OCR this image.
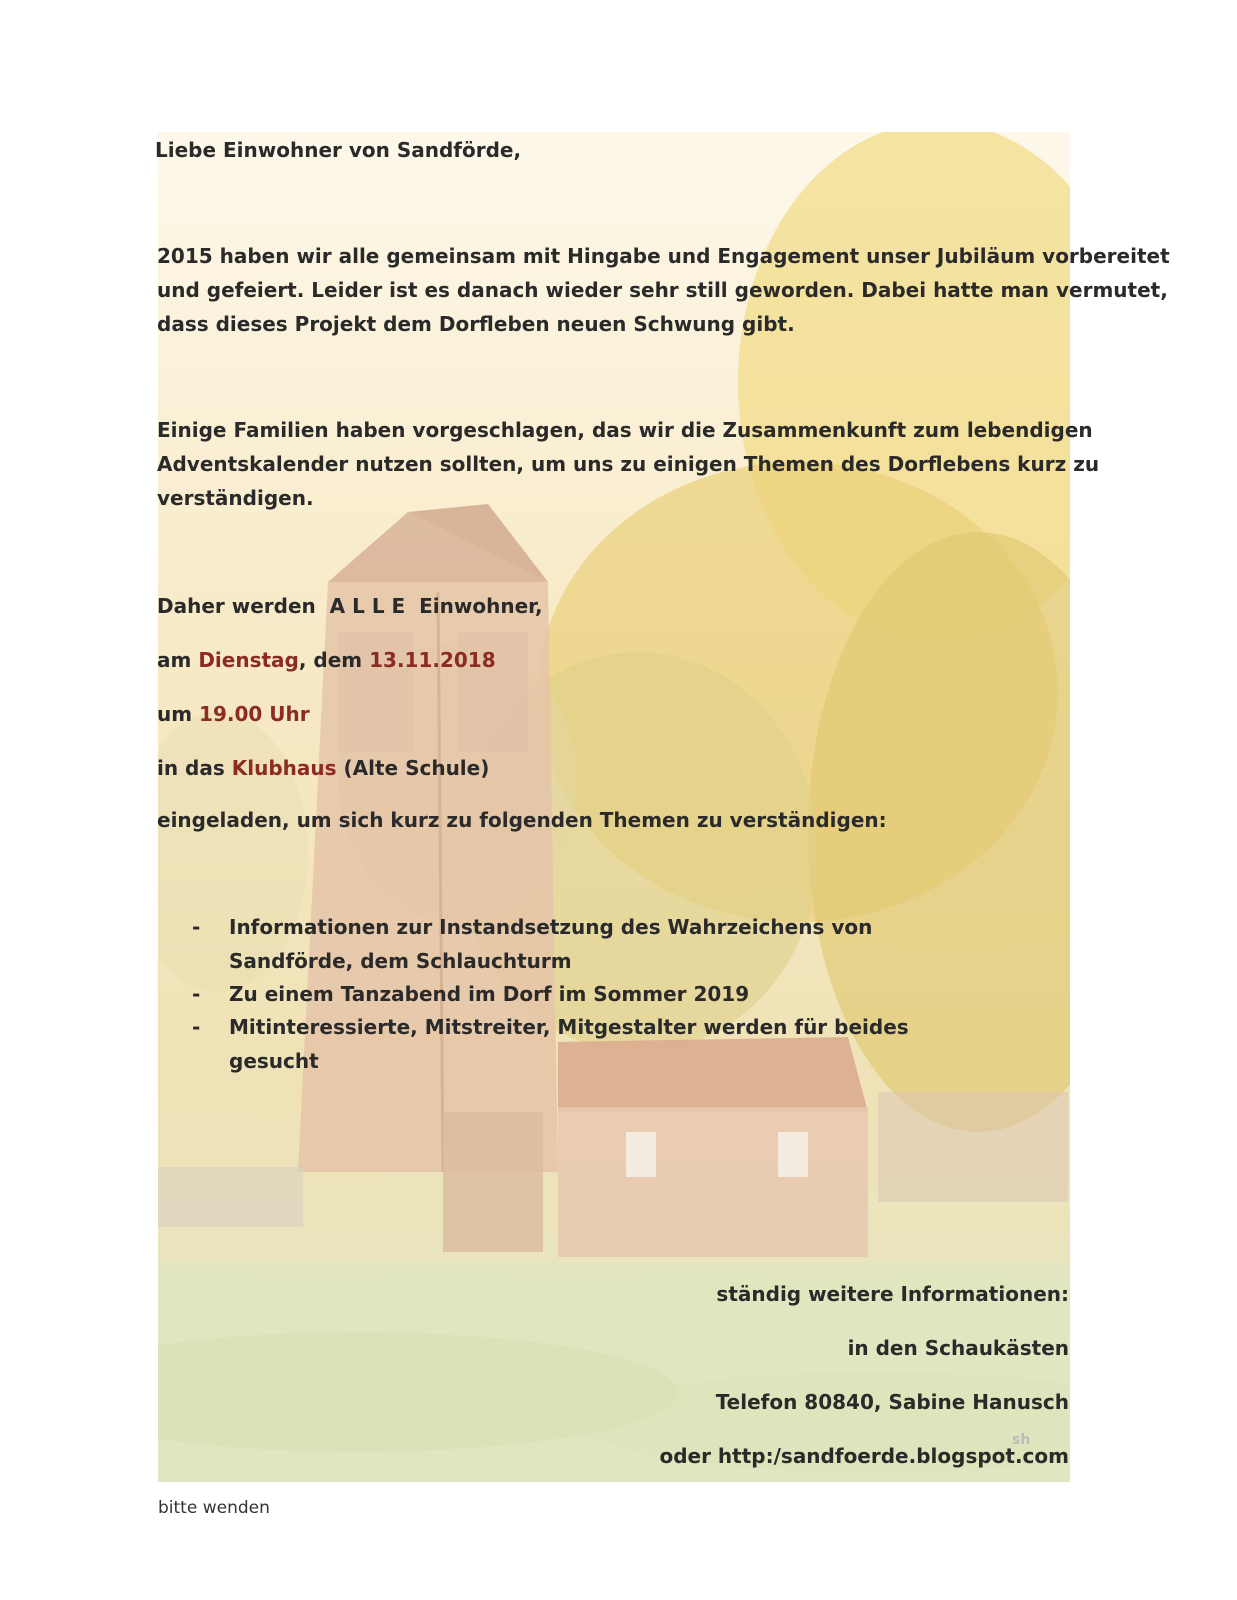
Liebe Einwohner von Sandförde,
2015 haben wir alle gemeinsam mit Hingabe und Engagement unser Jubiläum vorbereitet
und gefeiert. Leider ist es danach wieder sehr still geworden. Dabei hatte man vermutet,
dass dieses Projekt dem Dorfleben neuen Schwung gibt.
Einige Familien haben vorgeschlagen, das wir die Zusammenkunft zum lebendigen
Adventskalender nutzen sollten, um uns zu einigen Themen des Dorflebens kurz zu
verständigen.
Daher werden  A L L E  Einwohner,
am Dienstag, dem 13.11.2018
um 19.00 Uhr
in das Klubhaus (Alte Schule)
eingeladen, um sich kurz zu folgenden Themen zu verständigen:
- Informationen zur Instandsetzung des Wahrzeichens von Sandförde, dem Schlauchturm
- Zu einem Tanzabend im Dorf im Sommer 2019
- Mitinteressierte, Mitstreiter, Mitgestalter werden für beides gesucht
ständig weitere Informationen:
in den Schaukästen
Telefon 80840, Sabine Hanusch
oder http:/sandfoerde.blogspot.com
sh
bitte wenden
